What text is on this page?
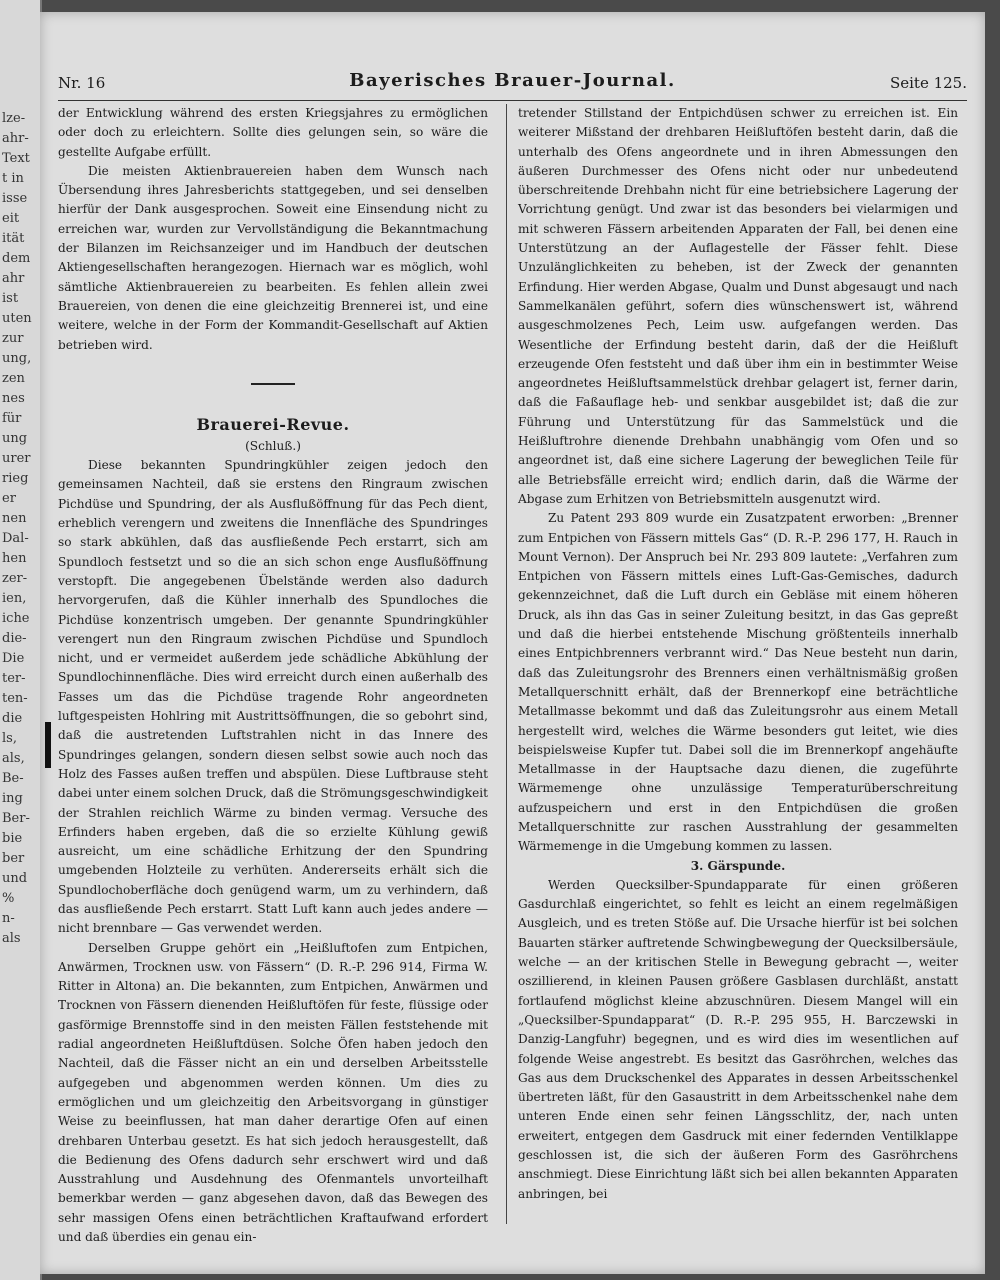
lze-
ahr-
Text
t in
isse
eit
ität
dem
ahr
ist
uten
zur
ung,
zen
nes
für
ung
urer
rieg
er
nen
Dal-
hen
zer-
ien,
iche
die-
Die
ter-
ten-
die
ls,
als,
Be-
ing
Ber-
bie
ber
und
%
n-
als
Nr. 16	Bayerisches Brauer-Journal.	Seite 125.

der Entwicklung während des ersten Kriegsjahres zu ermöglichen oder doch zu erleichtern. Sollte dies gelungen sein, so wäre die gestellte Aufgabe erfüllt.

Die meisten Aktienbrauereien haben dem Wunsch nach Übersendung ihres Jahresberichts stattgegeben, und sei denselben hierfür der Dank ausgesprochen. Soweit eine Einsendung nicht zu erreichen war, wurden zur Vervollständigung die Bekanntmachung der Bilanzen im Reichsanzeiger und im Handbuch der deutschen Aktiengesellschaften herangezogen. Hiernach war es möglich, wohl sämtliche Aktienbrauereien zu bearbeiten. Es fehlen allein zwei Brauereien, von denen die eine gleichzeitig Brennerei ist, und eine weitere, welche in der Form der Kommandit-Gesellschaft auf Aktien betrieben wird.

Brauerei-Revue.

(Schluß.)

Diese bekannten Spundringkühler zeigen jedoch den gemeinsamen Nachteil, daß sie erstens den Ringraum zwischen Pichdüse und Spundring, der als Ausflußöffnung für das Pech dient, erheblich verengern und zweitens die Innenfläche des Spundringes so stark abkühlen, daß das ausfließende Pech erstarrt, sich am Spundloch festsetzt und so die an sich schon enge Ausflußöffnung verstopft. Die angegebenen Übelstände werden also dadurch hervorgerufen, daß die Kühler innerhalb des Spundloches die Pichdüse konzentrisch umgeben. Der genannte Spundringkühler verengert nun den Ringraum zwischen Pichdüse und Spundloch nicht, und er vermeidet außerdem jede schädliche Abkühlung der Spundlochinnenfläche. Dies wird erreicht durch einen außerhalb des Fasses um das die Pichdüse tragende Rohr angeordneten luftgespeisten Hohlring mit Austrittsöffnungen, die so gebohrt sind, daß die austretenden Luftstrahlen nicht in das Innere des Spundringes gelangen, sondern diesen selbst sowie auch noch das Holz des Fasses außen treffen und abspülen. Diese Luftbrause steht dabei unter einem solchen Druck, daß die Strömungsgeschwindigkeit der Strahlen reichlich Wärme zu binden vermag. Versuche des Erfinders haben ergeben, daß die so erzielte Kühlung gewiß ausreicht, um eine schädliche Erhitzung der den Spundring umgebenden Holzteile zu verhüten. Andererseits erhält sich die Spundlochoberfläche doch genügend warm, um zu verhindern, daß das ausfließende Pech erstarrt. Statt Luft kann auch jedes andere — nicht brennbare — Gas verwendet werden.

Derselben Gruppe gehört ein „Heißluftofen zum Entpichen, Anwärmen, Trocknen usw. von Fässern“ (D. R.-P. 296 914, Firma W. Ritter in Altona) an. Die bekannten, zum Entpichen, Anwärmen und Trocknen von Fässern dienenden Heißluftöfen für feste, flüssige oder gasförmige Brennstoffe sind in den meisten Fällen feststehende mit radial angeordneten Heißluftdüsen. Solche Öfen haben jedoch den Nachteil, daß die Fässer nicht an ein und derselben Arbeitsstelle aufgegeben und abgenommen werden können. Um dies zu ermöglichen und um gleichzeitig den Arbeitsvorgang in günstiger Weise zu beeinflussen, hat man daher derartige Ofen auf einen drehbaren Unterbau gesetzt. Es hat sich jedoch herausgestellt, daß die Bedienung des Ofens dadurch sehr erschwert wird und daß Ausstrahlung und Ausdehnung des Ofenmantels unvorteilhaft bemerkbar werden — ganz abgesehen davon, daß das Bewegen des sehr massigen Ofens einen beträchtlichen Kraftaufwand erfordert und daß überdies ein genau ein-

tretender Stillstand der Entpichdüsen schwer zu erreichen ist. Ein weiterer Mißstand der drehbaren Heißluftöfen besteht darin, daß die unterhalb des Ofens angeordnete und in ihren Abmessungen den äußeren Durchmesser des Ofens nicht oder nur unbedeutend überschreitende Drehbahn nicht für eine betriebsichere Lagerung der Vorrichtung genügt. Und zwar ist das besonders bei vielarmigen und mit schweren Fässern arbeitenden Apparaten der Fall, bei denen eine Unterstützung an der Auflagestelle der Fässer fehlt. Diese Unzulänglichkeiten zu beheben, ist der Zweck der genannten Erfindung. Hier werden Abgase, Qualm und Dunst abgesaugt und nach Sammelkanälen geführt, sofern dies wünschenswert ist, während ausgeschmolzenes Pech, Leim usw. aufgefangen werden. Das Wesentliche der Erfindung besteht darin, daß der die Heißluft erzeugende Ofen feststeht und daß über ihm ein in bestimmter Weise angeordnetes Heißluftsammelstück drehbar gelagert ist, ferner darin, daß die Faßauflage heb- und senkbar ausgebildet ist; daß die zur Führung und Unterstützung für das Sammelstück und die Heißluftrohre dienende Drehbahn unabhängig vom Ofen und so angeordnet ist, daß eine sichere Lagerung der beweglichen Teile für alle Betriebsfälle erreicht wird; endlich darin, daß die Wärme der Abgase zum Erhitzen von Betriebsmitteln ausgenutzt wird.

Zu Patent 293 809 wurde ein Zusatzpatent erworben: „Brenner zum Entpichen von Fässern mittels Gas“ (D. R.-P. 296 177, H. Rauch in Mount Vernon). Der Anspruch bei Nr. 293 809 lautete: „Verfahren zum Entpichen von Fässern mittels eines Luft-Gas-Gemisches, dadurch gekennzeichnet, daß die Luft durch ein Gebläse mit einem höheren Druck, als ihn das Gas in seiner Zuleitung besitzt, in das Gas gepreßt und daß die hierbei entstehende Mischung größtenteils innerhalb eines Entpichbrenners verbrannt wird.“ Das Neue besteht nun darin, daß das Zuleitungsrohr des Brenners einen verhältnismäßig großen Metallquerschnitt erhält, daß der Brennerkopf eine beträchtliche Metallmasse bekommt und daß das Zuleitungsrohr aus einem Metall hergestellt wird, welches die Wärme besonders gut leitet, wie dies beispielsweise Kupfer tut. Dabei soll die im Brennerkopf angehäufte Metallmasse in der Hauptsache dazu dienen, die zugeführte Wärmemenge ohne unzulässige Temperaturüberschreitung aufzuspeichern und erst in den Entpichdüsen die großen Metallquerschnitte zur raschen Ausstrahlung der gesammelten Wärmemenge in die Umgebung kommen zu lassen.

3. Gärspunde.

Werden Quecksilber-Spundapparate für einen größeren Gasdurchlaß eingerichtet, so fehlt es leicht an einem regelmäßigen Ausgleich, und es treten Stöße auf. Die Ursache hierfür ist bei solchen Bauarten stärker auftretende Schwingbewegung der Quecksilbersäule, welche — an der kritischen Stelle in Bewegung gebracht —, weiter oszillierend, in kleinen Pausen größere Gasblasen durchläßt, anstatt fortlaufend möglichst kleine abzuschnüren. Diesem Mangel will ein „Quecksilber-Spundapparat“ (D. R.-P. 295 955, H. Barczewski in Danzig-Langfuhr) begegnen, und es wird dies im wesentlichen auf folgende Weise angestrebt. Es besitzt das Gasröhrchen, welches das Gas aus dem Druckschenkel des Apparates in dessen Arbeitsschenkel übertreten läßt, für den Gasaustritt in dem Arbeitsschenkel nahe dem unteren Ende einen sehr feinen Längsschlitz, der, nach unten erweitert, entgegen dem Gasdruck mit einer federnden Ventilklappe geschlossen ist, die sich der äußeren Form des Gasröhrchens anschmiegt. Diese Einrichtung läßt sich bei allen bekannten Apparaten anbringen, bei
